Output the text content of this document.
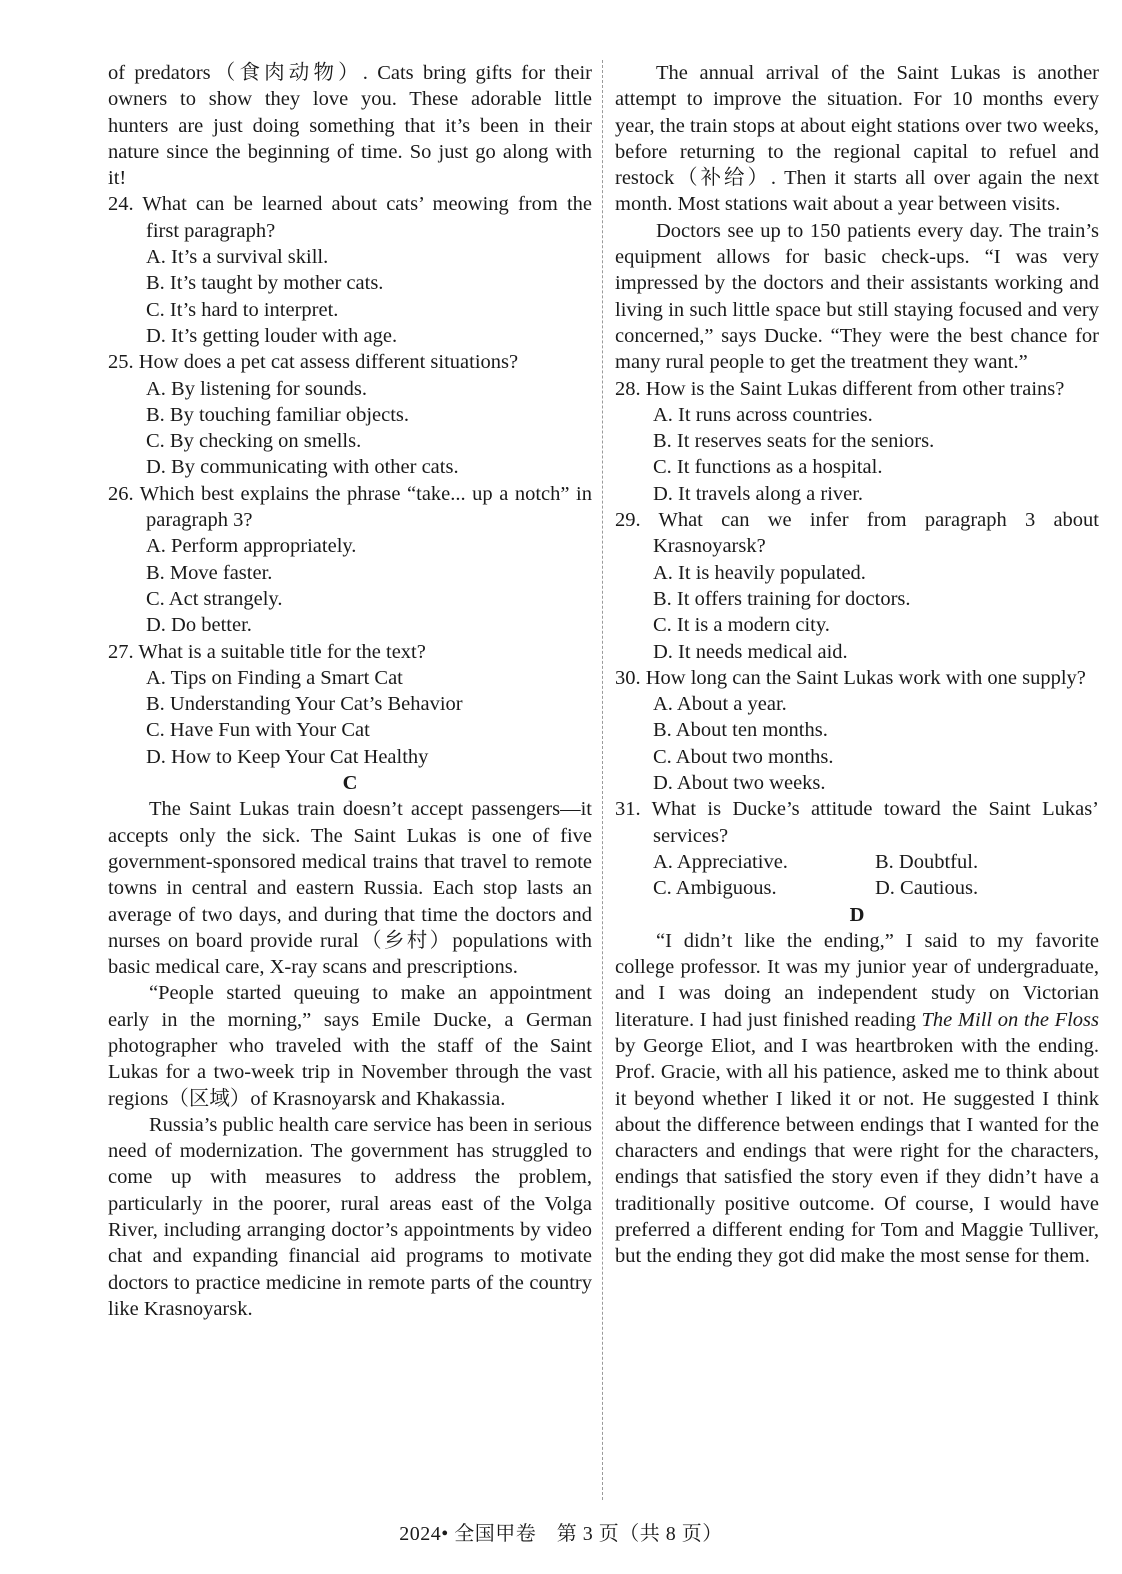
of predators（食肉动物）. Cats bring gifts for their owners to show they love you. These adorable little hunters are just doing something that it’s been in their nature since the beginning of time. So just go along with it!

24. What can be learned about cats’ meowing from the first paragraph?
A. It’s a survival skill.
B. It’s taught by mother cats.
C. It’s hard to interpret.
D. It’s getting louder with age.
25. How does a pet cat assess different situations?
A. By listening for sounds.
B. By touching familiar objects.
C. By checking on smells.
D. By communicating with other cats.
26. Which best explains the phrase “take... up a notch” in paragraph 3?
A. Perform appropriately.
B. Move faster.
C. Act strangely.
D. Do better.
27. What is a suitable title for the text?
A. Tips on Finding a Smart Cat
B. Understanding Your Cat’s Behavior
C. Have Fun with Your Cat
D. How to Keep Your Cat Healthy
C

The Saint Lukas train doesn’t accept passengers—it accepts only the sick. The Saint Lukas is one of five government-sponsored medical trains that travel to remote towns in central and eastern Russia. Each stop lasts an average of two days, and during that time the doctors and nurses on board provide rural（乡村）populations with basic medical care, X-ray scans and prescriptions.

“People started queuing to make an appointment early in the morning,” says Emile Ducke, a German photographer who traveled with the staff of the Saint Lukas for a two-week trip in November through the vast regions（区域）of Krasnoyarsk and Khakassia.

Russia’s public health care service has been in serious need of modernization. The government has struggled to come up with measures to address the problem, particularly in the poorer, rural areas east of the Volga River, including arranging doctor’s appointments by video chat and expanding financial aid programs to motivate doctors to practice medicine in remote parts of the country like Krasnoyarsk.

The annual arrival of the Saint Lukas is another attempt to improve the situation. For 10 months every year, the train stops at about eight stations over two weeks, before returning to the regional capital to refuel and restock（补给）. Then it starts all over again the next month. Most stations wait about a year between visits.

Doctors see up to 150 patients every day. The train’s equipment allows for basic check-ups. “I was very impressed by the doctors and their assistants working and living in such little space but still staying focused and very concerned,” says Ducke. “They were the best chance for many rural people to get the treatment they want.”

28. How is the Saint Lukas different from other trains?
A. It runs across countries.
B. It reserves seats for the seniors.
C. It functions as a hospital.
D. It travels along a river.
29. What can we infer from paragraph 3 about Krasnoyarsk?
A. It is heavily populated.
B. It offers training for doctors.
C. It is a modern city.
D. It needs medical aid.
30. How long can the Saint Lukas work with one supply?
A. About a year.
B. About ten months.
C. About two months.
D. About two weeks.
31. What is Ducke’s attitude toward the Saint Lukas’ services?
A. Appreciative.	B. Doubtful.
C. Ambiguous.	D. Cautious.
D

“I didn’t like the ending,” I said to my favorite college professor. It was my junior year of undergraduate, and I was doing an independent study on Victorian literature. I had just finished reading The Mill on the Floss by George Eliot, and I was heartbroken with the ending. Prof. Gracie, with all his patience, asked me to think about it beyond whether I liked it or not. He suggested I think about the difference between endings that I wanted for the characters and endings that were right for the characters, endings that satisfied the story even if they didn’t have a traditionally positive outcome. Of course, I would have preferred a different ending for Tom and Maggie Tulliver, but the ending they got did make the most sense for them.

2024• 全国甲卷　第 3 页（共 8 页）
